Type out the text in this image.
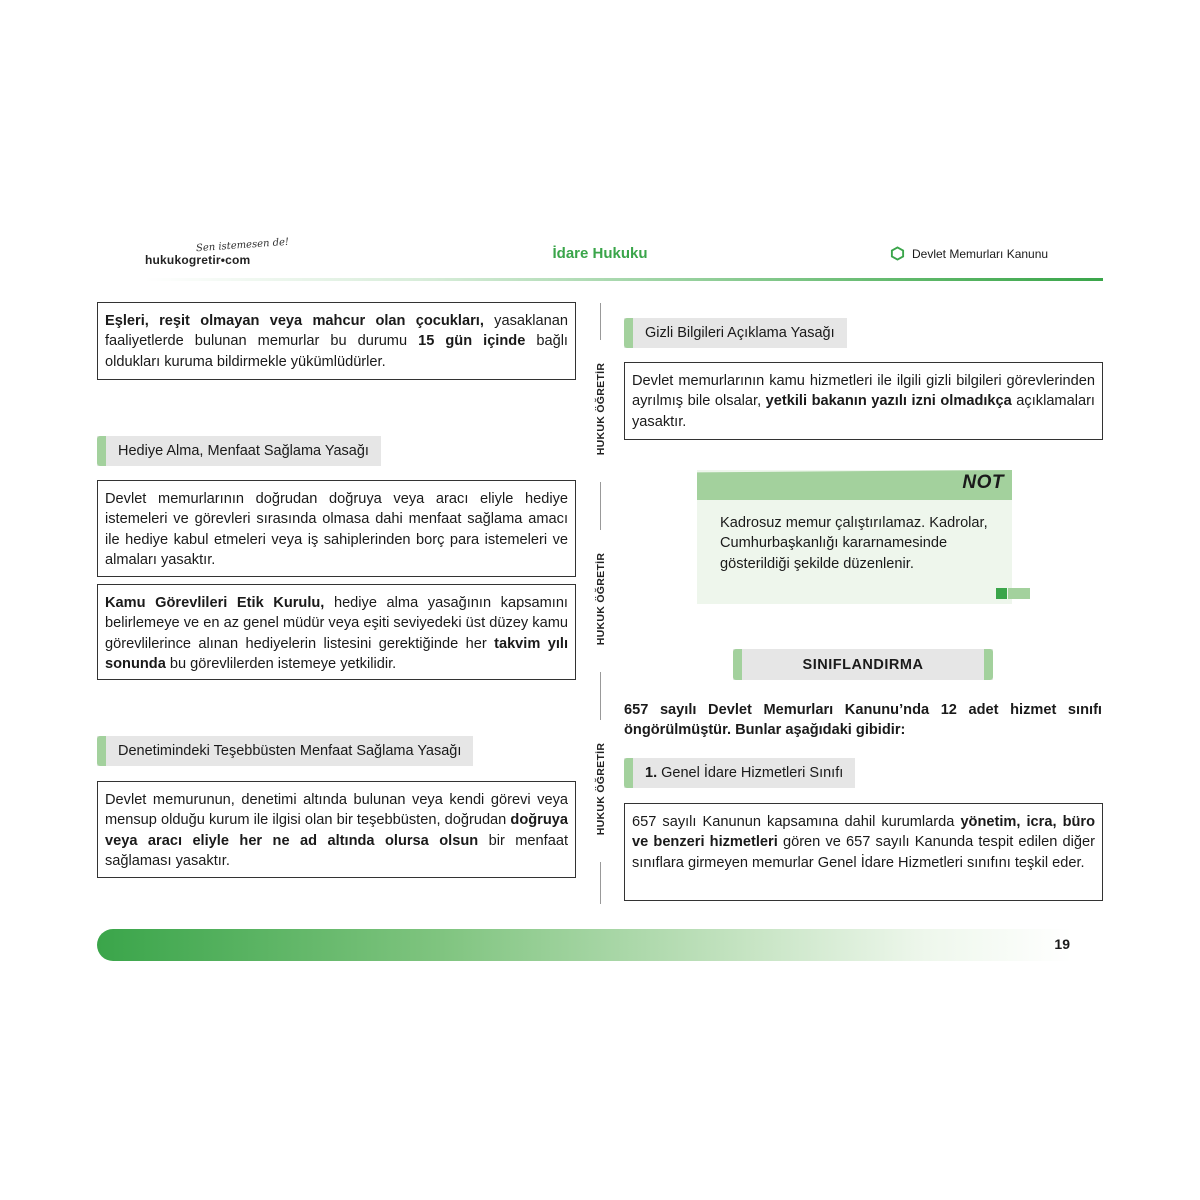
Sen istemesen de!
hukukogretir•com	İdare Hukuku	Devlet Memurları Kanunu
Eşleri, reşit olmayan veya mahcur olan çocukları, yasaklanan faaliyetlerde bulunan memurlar bu durumu 15 gün içinde bağlı oldukları kuruma bildirmekle yükümlüdürler.
Hediye Alma, Menfaat Sağlama Yasağı
Devlet memurlarının doğrudan doğruya veya aracı eliyle hediye istemeleri ve görevleri sırasında olmasa dahi menfaat sağlama amacı ile hediye kabul etmeleri veya iş sahiplerinden borç para istemeleri ve almaları yasaktır.
Kamu Görevlileri Etik Kurulu, hediye alma yasağının kapsamını belirlemeye ve en az genel müdür veya eşiti seviyedeki üst düzey kamu görevlilerince alınan hediyelerin listesini gerektiğinde her takvim yılı sonunda bu görevlilerden istemeye yetkilidir.
Denetimindeki Teşebbüsten Menfaat Sağlama Yasağı
Devlet memurunun, denetimi altında bulunan veya kendi görevi veya mensup olduğu kurum ile ilgisi olan bir teşebbüsten, doğrudan doğruya veya aracı eliyle her ne ad altında olursa olsun bir menfaat sağlaması yasaktır.
HUKUK ÖĞRETİR
HUKUK ÖĞRETİR
HUKUK ÖĞRETİR
Gizli Bilgileri Açıklama Yasağı
Devlet memurlarının kamu hizmetleri ile ilgili gizli bilgileri görevlerinden ayrılmış bile olsalar, yetkili bakanın yazılı izni olmadıkça açıklamaları yasaktır.
NOT
Kadrosuz memur çalıştırılamaz. Kadrolar, Cumhurbaşkanlığı kararnamesinde gösterildiği şekilde düzenlenir.
SINIFLANDIRMA
657 sayılı Devlet Memurları Kanunu’nda 12 adet hizmet sınıfı öngörülmüştür. Bunlar aşağıdaki gibidir:
1. Genel İdare Hizmetleri Sınıfı
657 sayılı Kanunun kapsamına dahil kurumlarda yönetim, icra, büro ve benzeri hizmetleri gören ve 657 sayılı Kanunda tespit edilen diğer sınıflara girmeyen memurlar Genel İdare Hizmetleri sınıfını teşkil eder.
19
